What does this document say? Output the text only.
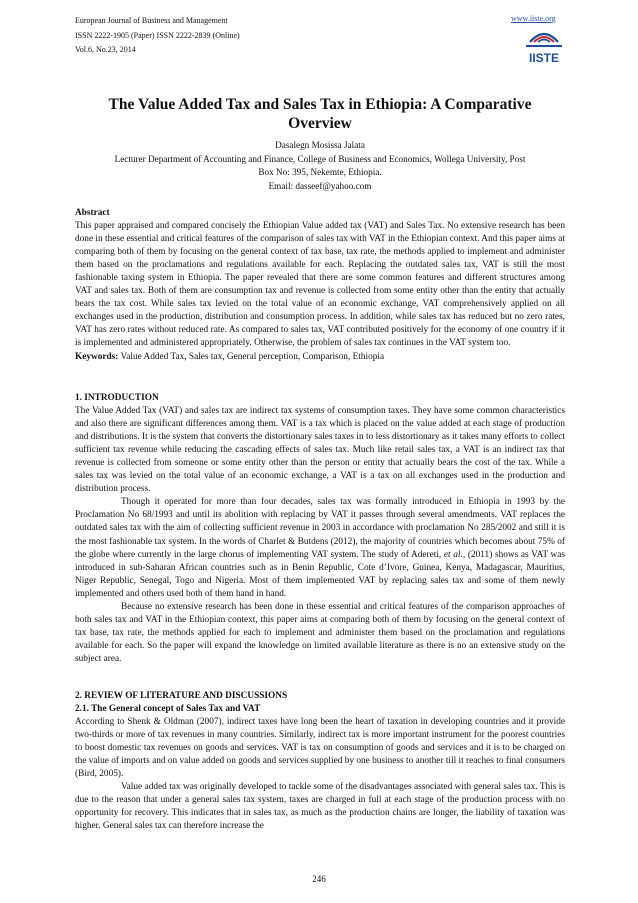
European Journal of Business and Management
ISSN 2222-1905 (Paper) ISSN 2222-2839 (Online)
Vol.6, No.23, 2014
www.iiste.org
IISTE
The Value Added Tax and Sales Tax in Ethiopia: A Comparative
Overview
Dasalegn Mosissa Jalata
Lecturer Department of Accounting and Finance, College of Business and Economics, Wollega University, Post
Box No: 395, Nekemte, Ethiopia.
Email: dasseef@yahoo.com

Abstract

This paper appraised and compared concisely the Ethiopian Value added tax (VAT) and Sales Tax. No extensive research has been done in these essential and critical features of the comparison of sales tax with VAT in the Ethiopian context. And this paper aims at comparing both of them by focusing on the general context of tax base, tax rate, the methods applied to implement and administer them based on the proclamations and regulations available for each. Replacing the outdated sales tax, VAT is still the most fashionable taxing system in Ethiopia. The paper revealed that there are some common features and different structures among VAT and sales tax. Both of them are consumption tax and revenue is collected from some entity other than the entity that actually bears the tax cost. While sales tax levied on the total value of an economic exchange, VAT comprehensively applied on all exchanges used in the production, distribution and consumption process. In addition, while sales tax has reduced but no zero rates, VAT has zero rates without reduced rate. As compared to sales tax, VAT contributed positively for the economy of one country if it is implemented and administered appropriately. Otherwise, the problem of sales tax continues in the VAT system too.

Keywords: Value Added Tax, Sales tax, General perception, Comparison, Ethiopia

1. INTRODUCTION

The Value Added Tax (VAT) and sales tax are indirect tax systems of consumption taxes. They have some common characteristics and also there are significant differences among them. VAT is a tax which is placed on the value added at each stage of production and distributions. It is the system that converts the distortionary sales taxes in to less distortionary as it takes many efforts to collect sufficient tax revenue while reducing the cascading effects of sales tax. Much like retail sales tax, a VAT is an indirect tax that revenue is collected from someone or some entity other than the person or entity that actually bears the cost of the tax. While a sales tax was levied on the total value of an economic exchange, a VAT is a tax on all exchanges used in the production and distribution process.

Though it operated for more than four decades, sales tax was formally introduced in Ethiopia in 1993 by the Proclamation No 68/1993 and until its abolition with replacing by VAT it passes through several amendments. VAT replaces the outdated sales tax with the aim of collecting sufficient revenue in 2003 in accordance with proclamation No 285/2002 and still it is the most fashionable tax system. In the words of Charlet & Butdens (2012), the majority of countries which becomes about 75% of the globe where currently in the large chorus of implementing VAT system. The study of Adereti, et al., (2011) shows as VAT was introduced in sub-Saharan African countries such as in Benin Republic, Cote d’Ivore, Guinea, Kenya, Madagascar, Mauritius, Niger Republic, Senegal, Togo and Nigeria. Most of them implemented VAT by replacing sales tax and some of them newly implemented and others used both of them hand in hand.

Because no extensive research has been done in these essential and critical features of the comparison approaches of both sales tax and VAT in the Ethiopian context, this paper aims at comparing both of them by focusing on the general context of tax base, tax rate, the methods applied for each to implement and administer them based on the proclamation and regulations available for each. So the paper will expand the knowledge on limited available literature as there is no an extensive study on the subject area.

2. REVIEW OF LITERATURE AND DISCUSSIONS

2.1. The General concept of Sales Tax and VAT

According to Shenk & Oldman (2007), indirect taxes have long been the heart of taxation in developing countries and it provide two-thirds or more of tax revenues in many countries. Similarly, indirect tax is more important instrument for the poorest countries to boost domestic tax revenues on goods and services. VAT is tax on consumption of goods and services and it is to be charged on the value of imports and on value added on goods and services supplied by one business to another till it reaches to final consumers (Bird, 2005).

Value added tax was originally developed to tackle some of the disadvantages associated with general sales tax. This is due to the reason that under a general sales tax system, taxes are charged in full at each stage of the production process with no opportunity for recovery. This indicates that in sales tax, as much as the production chains are longer, the liability of taxation was higher. General sales tax can therefore increase the

246
